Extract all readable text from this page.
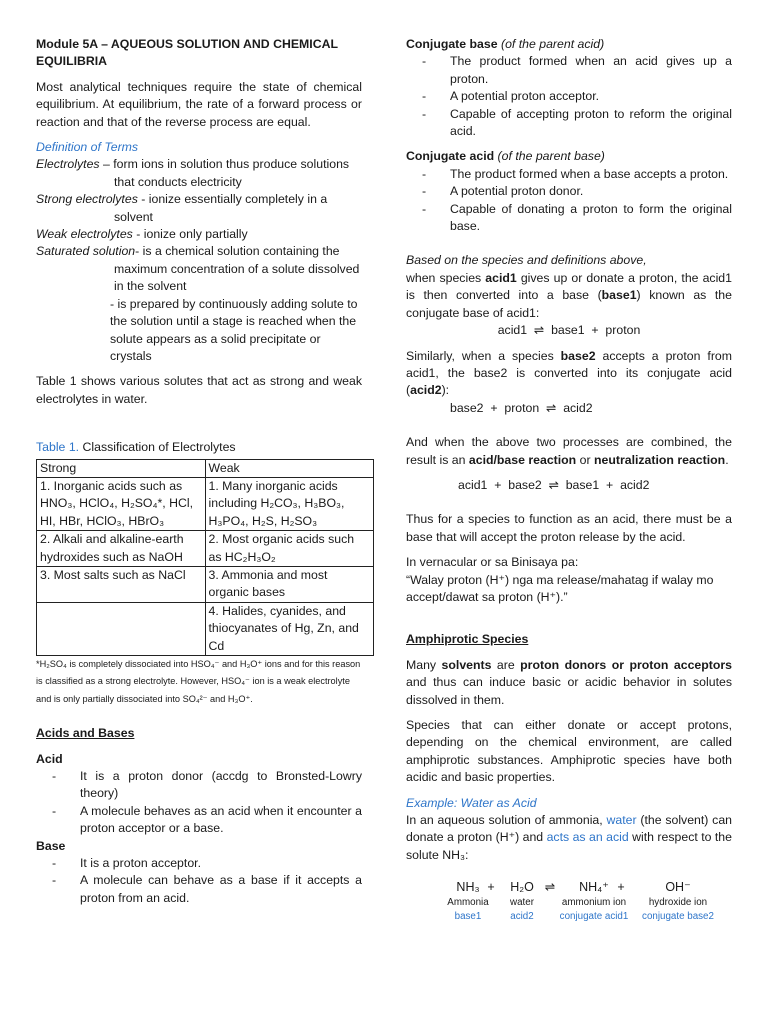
Module 5A – AQUEOUS SOLUTION AND CHEMICAL EQUILIBRIA

Most analytical techniques require the state of chemical equilibrium. At equilibrium, the rate of a forward process or reaction and that of the reverse process are equal.

Definition of Terms

Electrolytes – form ions in solution thus produce solutions that conducts electricity

Strong electrolytes - ionize essentially completely in a solvent

Weak electrolytes - ionize only partially

Saturated solution- is a chemical solution containing the maximum concentration of a solute dissolved in the solvent

- is prepared by continuously adding solute to the solution until a stage is reached when the solute appears as a solid precipitate or crystals

Table 1 shows various solutes that act as strong and weak electrolytes in water.

Table 1. Classification of Electrolytes

Strong	Weak
1. Inorganic acids such as HNO₃, HClO₄, H₂SO₄*, HCl, HI, HBr, HClO₃, HBrO₃	1. Many inorganic acids including H₂CO₃, H₃BO₃, H₃PO₄, H₂S, H₂SO₃
2. Alkali and alkaline-earth hydroxides such as NaOH	2. Most organic acids such as HC₂H₃O₂
3. Most salts such as NaCl	3. Ammonia and most organic bases
	4. Halides, cyanides, and thiocyanates of Hg, Zn, and Cd

*H₂SO₄ is completely dissociated into HSO₄⁻ and H₃O⁺ ions and for this reason is classified as a strong electrolyte. However, HSO₄⁻ ion is a weak electrolyte and is only partially dissociated into SO₄²⁻ and H₃O⁺.

Acids and Bases

Acid

- It is a proton donor (accdg to Bronsted-Lowry theory)
- A molecule behaves as an acid when it encounter a proton acceptor or a base.

Base

- It is a proton acceptor.
- A molecule can behave as a base if it accepts a proton from an acid.

Conjugate base (of the parent acid)

- The product formed when an acid gives up a proton.
- A potential proton acceptor.
- Capable of accepting proton to reform the original acid.

Conjugate acid (of the parent base)

- The product formed when a base accepts a proton.
- A potential proton donor.
- Capable of donating a proton to form the original base.

Based on the species and definitions above,

when species acid1 gives up or donate a proton, the acid1 is then converted into a base (base1) known as the conjugate base of acid1:

acid1  ⇌  base1  +  proton

Similarly, when a species base2 accepts a proton from acid1, the base2 is converted into its conjugate acid (acid2):

base2  +  proton  ⇌  acid2

And when the above two processes are combined, the result is an acid/base reaction or neutralization reaction.

acid1  +  base2  ⇌  base1  +  acid2

Thus for a species to function as an acid, there must be a base that will accept the proton release by the acid.

In vernacular or sa Binisaya pa:

“Walay proton (H⁺) nga ma release/mahatag if walay mo accept/dawat sa proton (H⁺).”

Amphiprotic Species

Many solvents are proton donors or proton acceptors and thus can induce basic or acidic behavior in solutes dissolved in them.

Species that can either donate or accept protons, depending on the chemical environment, are called amphiprotic substances. Amphiprotic species have both acidic and basic properties.

Example: Water as Acid

In an aqueous solution of ammonia, water (the solvent) can donate a proton (H⁺) and acts as an acid with respect to the solute NH₃:

NH₃
Ammonia
base1
+	H₂O
water
acid2
⇌	NH₄⁺
ammonium ion
conjugate acid1
+	OH⁻
hydroxide ion
conjugate base2
